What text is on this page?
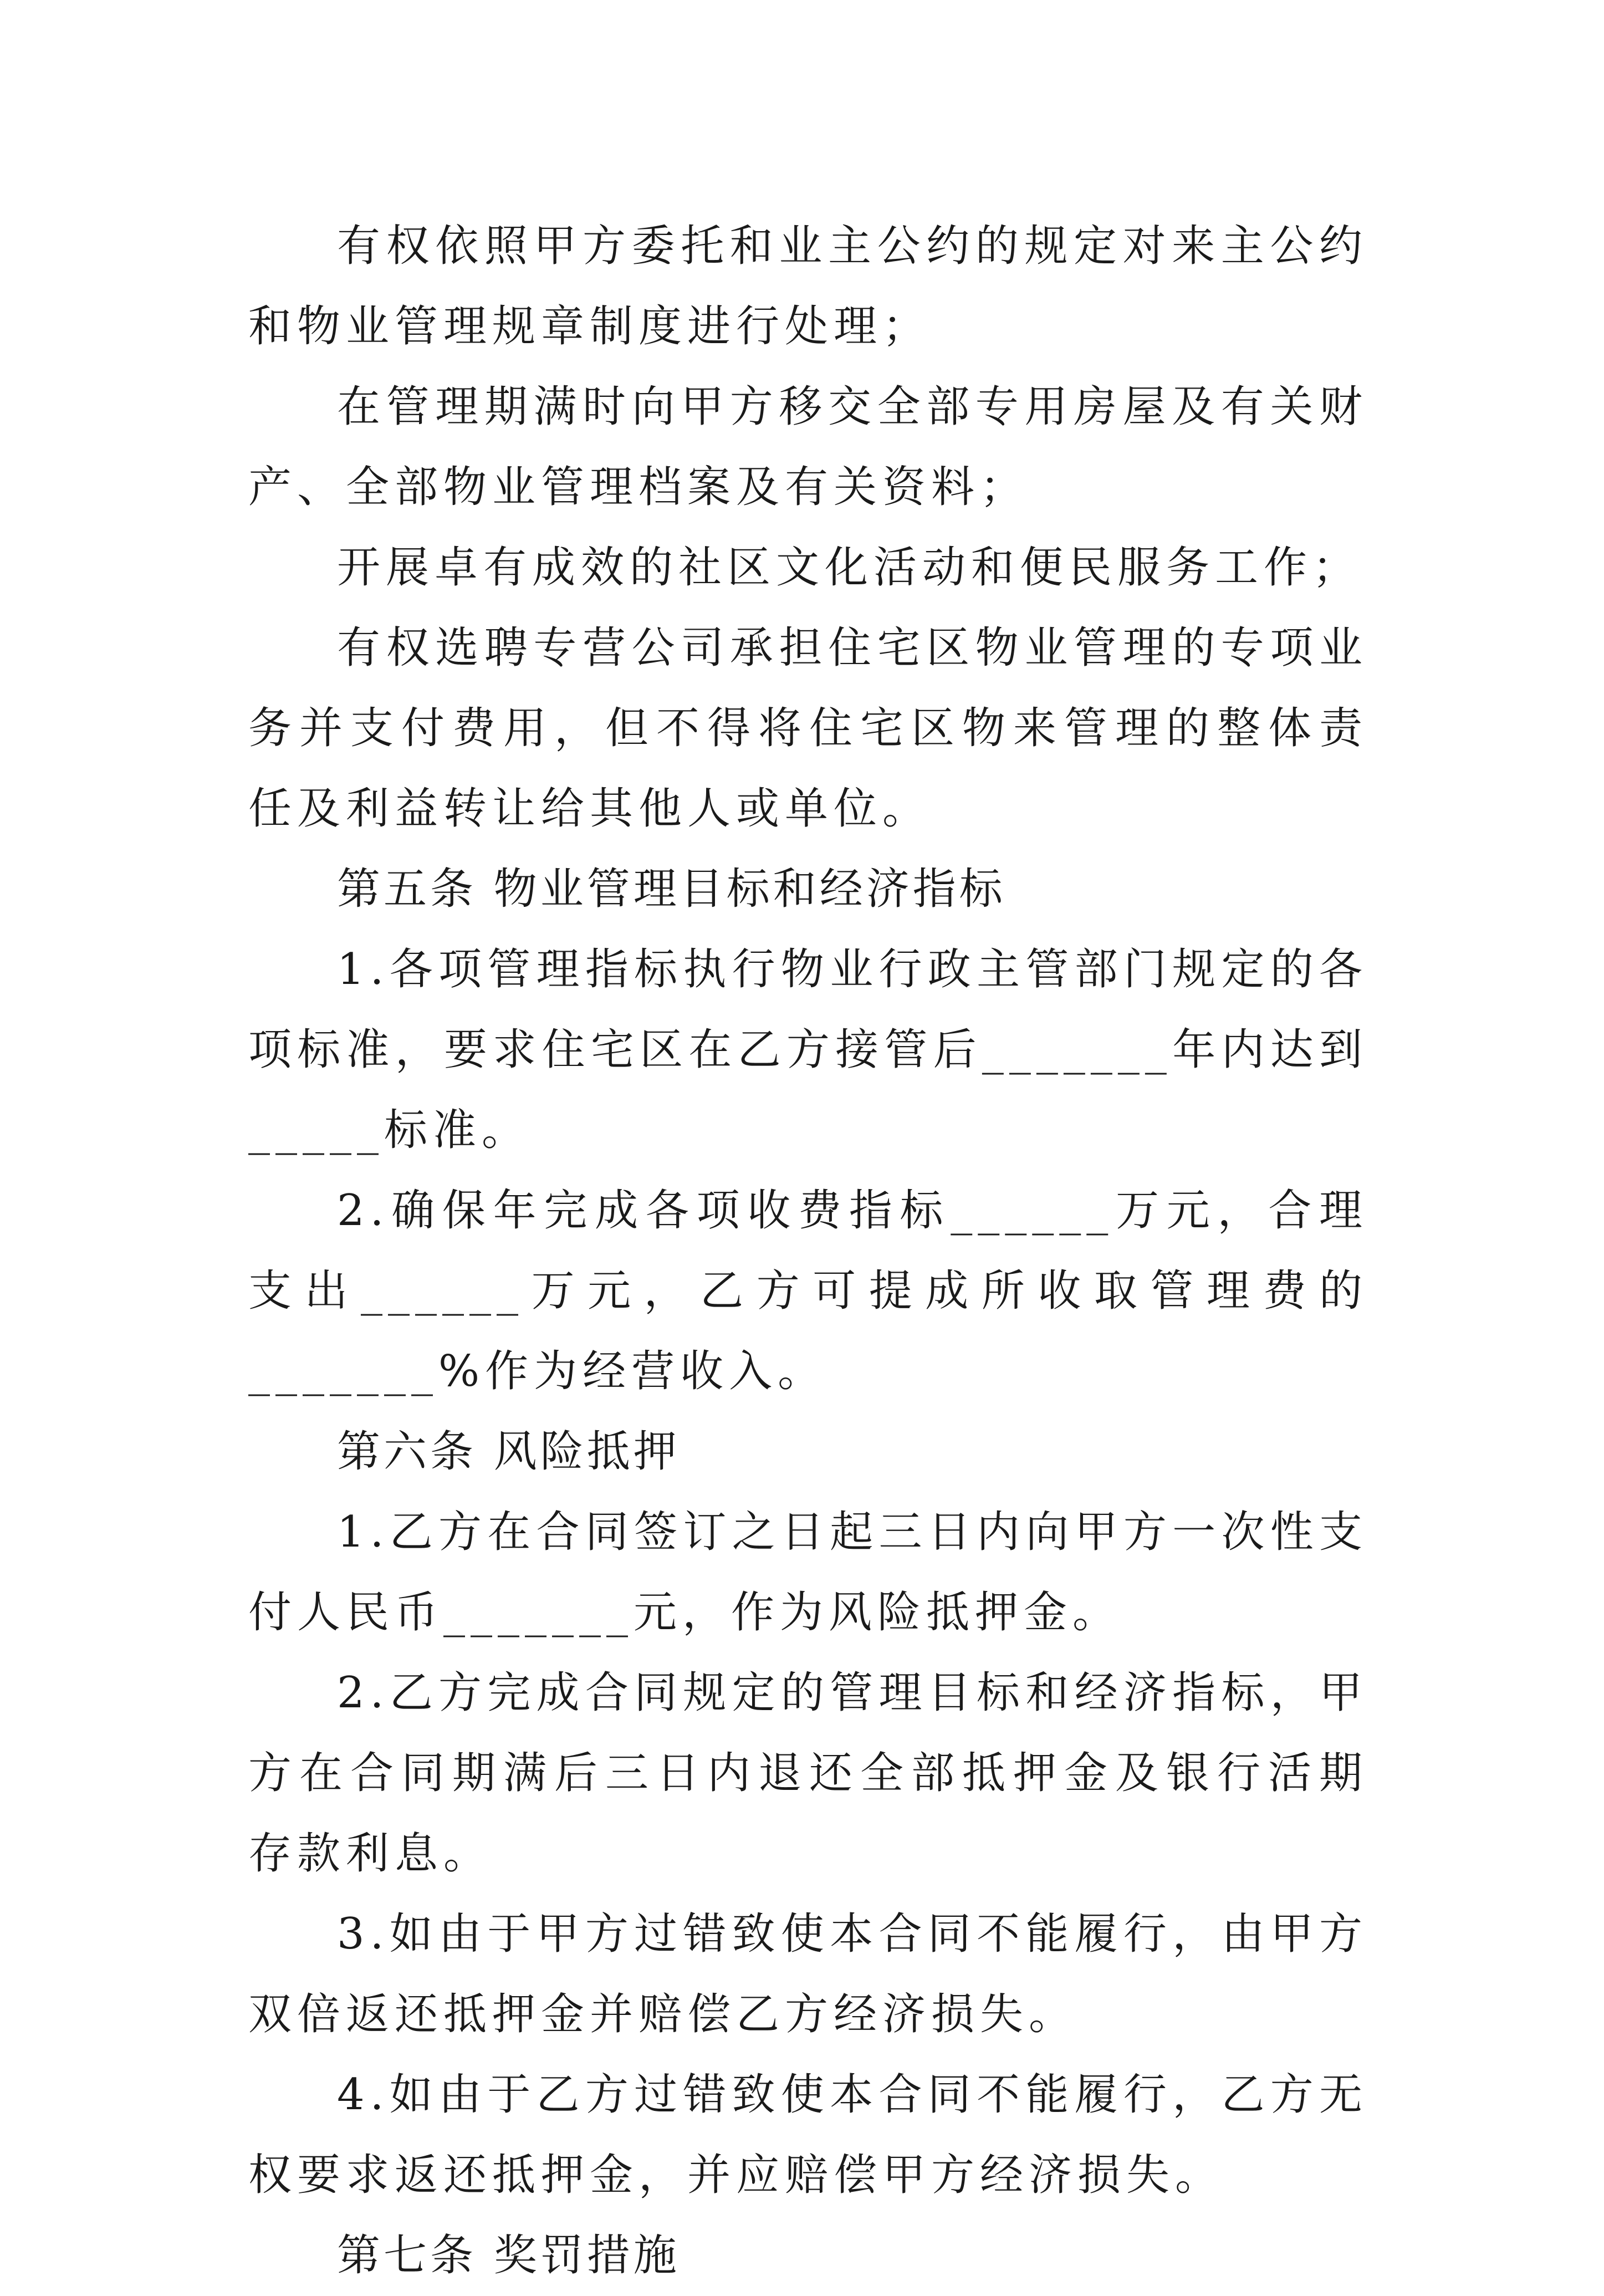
有权依照甲方委托和业主公约的规定对来主公约和物业管理规章制度进行处理；

在管理期满时向甲方移交全部专用房屋及有关财产、全部物业管理档案及有关资料；

开展卓有成效的社区文化活动和便民服务工作；

有权选聘专营公司承担住宅区物业管理的专项业务并支付费用，但不得将住宅区物来管理的整体责任及利益转让给其他人或单位。

第五条 物业管理目标和经济指标

1.各项管理指标执行物业行政主管部门规定的各项标准，要求住宅区在乙方接管后_______年内达到_____标准。

2.确保年完成各项收费指标______万元，合理支出______万元，乙方可提成所收取管理费的_______%作为经营收入。

第六条 风险抵押

1.乙方在合同签订之日起三日内向甲方一次性支付人民币_______元，作为风险抵押金。

2.乙方完成合同规定的管理目标和经济指标，甲方在合同期满后三日内退还全部抵押金及银行活期存款利息。

3.如由于甲方过错致使本合同不能履行，由甲方双倍返还抵押金并赔偿乙方经济损失。

4.如由于乙方过错致使本合同不能履行，乙方无权要求返还抵押金，并应赔偿甲方经济损失。

第七条 奖罚措施
